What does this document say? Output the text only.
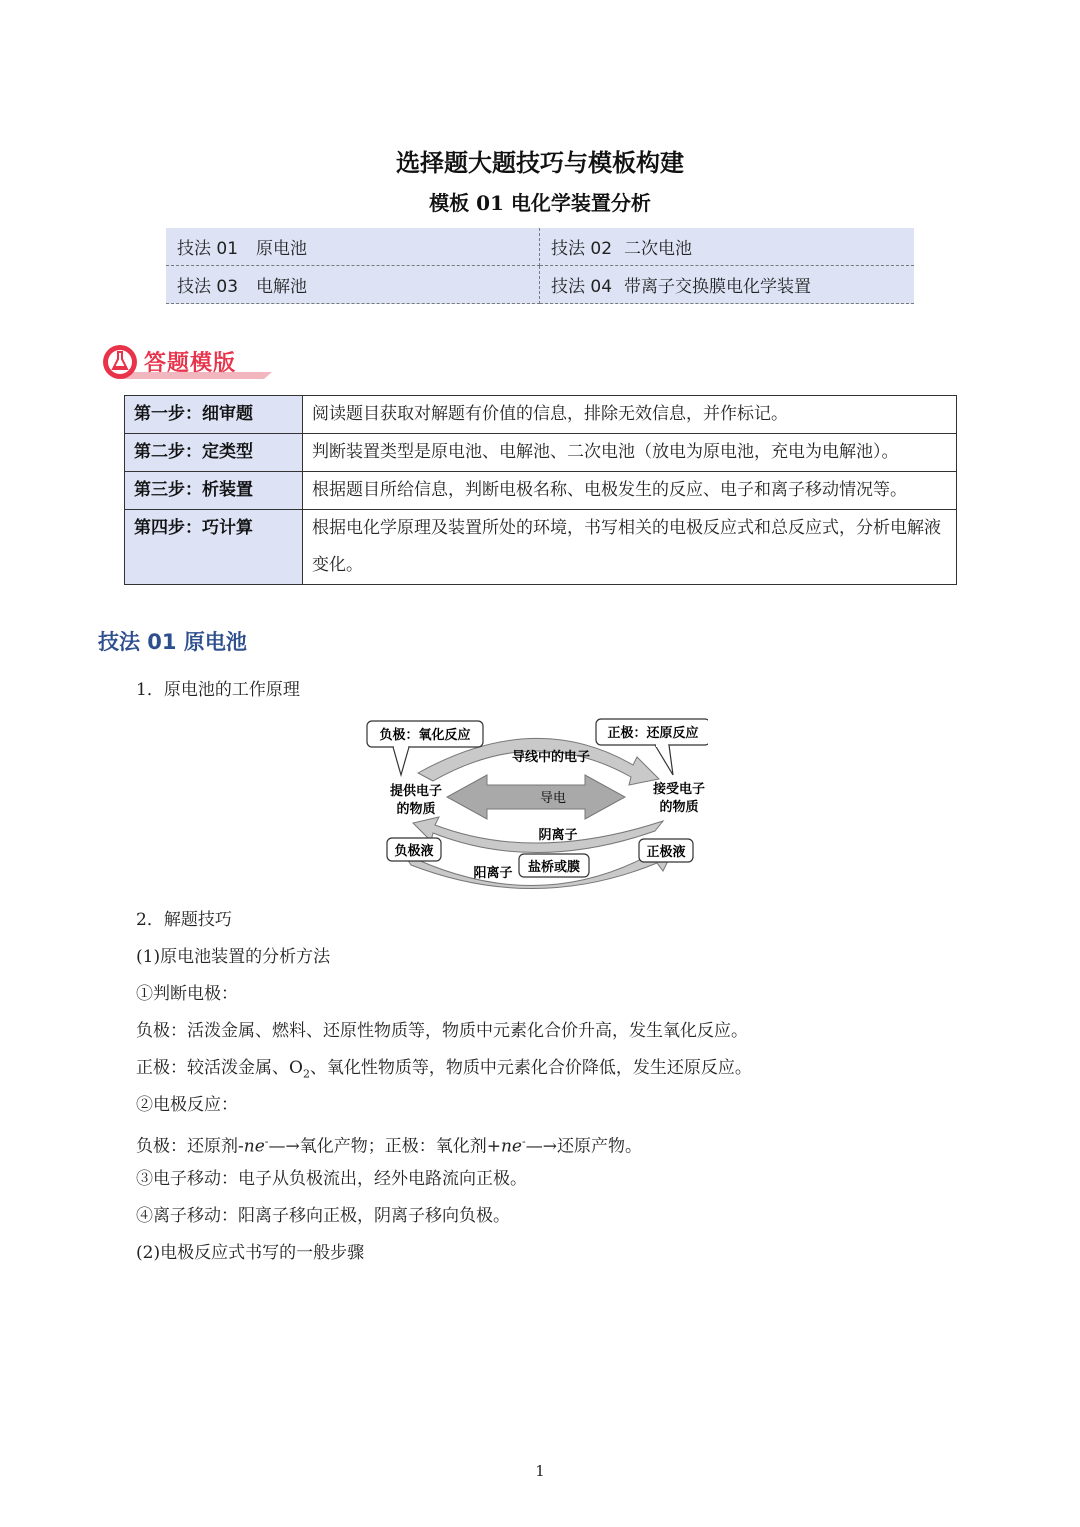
选择题大题技巧与模板构建
模板 01 电化学装置分析
技法 01 原电池	技法 02 二次电池
技法 03 电解池	技法 04 带离子交换膜电化学装置
答题模版
第一步：细审题	阅读题目获取对解题有价值的信息，排除无效信息，并作标记。
第二步：定类型	判断装置类型是原电池、电解池、二次电池（放电为原电池，充电为电解池）。
第三步：析装置	根据题目所给信息，判断电极名称、电极发生的反应、电子和离子移动情况等。
第四步：巧计算	根据电化学原理及装置所处的环境，书写相关的电极反应式和总反应式，分析电解液变化。
技法 01 原电池
1．原电池的工作原理
负极：氧化反应	正极：还原反应
导线中的电子
提供电子
的物质
接受电子
的物质
导电
阴离子
负极液	正极液
阳离子 盐桥或膜
2．解题技巧
(1)原电池装置的分析方法
①判断电极：
负极：活泼金属、燃料、还原性物质等，物质中元素化合价升高，发生氧化反应。
正极：较活泼金属、$O_2$、氧化性物质等，物质中元素化合价降低，发生还原反应。
②电极反应：
负极：还原剂-ne-—→氧化产物；正极：氧化剂+ne-—→还原产物。
③电子移动：电子从负极流出，经外电路流向正极。
④离子移动：阳离子移向正极，阴离子移向负极。
(2)电极反应式书写的一般步骤
1
